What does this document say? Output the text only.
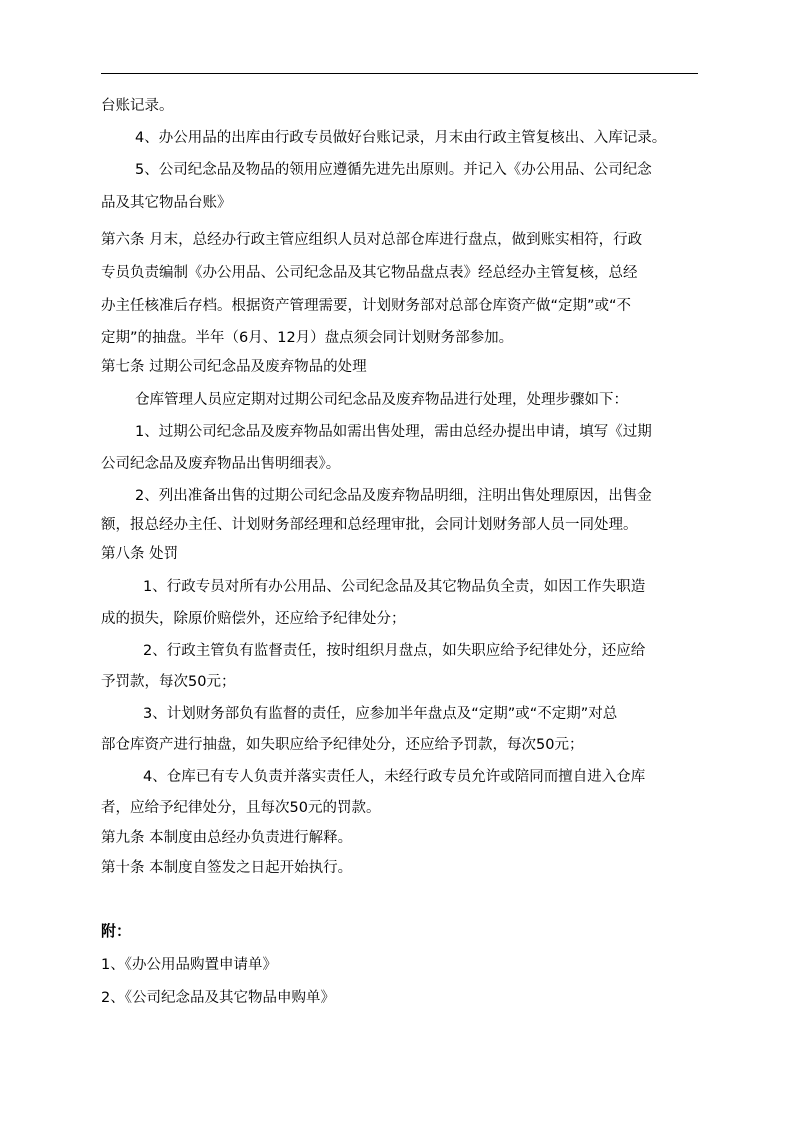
台账记录。
4、办公用品的出库由行政专员做好台账记录，月末由行政主管复核出、入库记录。
5、公司纪念品及物品的领用应遵循先进先出原则。并记入《办公用品、公司纪念
品及其它物品台账》
第六条 月末，总经办行政主管应组织人员对总部仓库进行盘点，做到账实相符，行政
专员负责编制《办公用品、公司纪念品及其它物品盘点表》经总经办主管复核，总经
办主任核准后存档。根据资产管理需要，计划财务部对总部仓库资产做“定期”或“不
定期”的抽盘。半年（6月、12月）盘点须会同计划财务部参加。
第七条 过期公司纪念品及废弃物品的处理
仓库管理人员应定期对过期公司纪念品及废弃物品进行处理，处理步骤如下：
1、过期公司纪念品及废弃物品如需出售处理，需由总经办提出申请，填写《过期
公司纪念品及废弃物品出售明细表》。
2、列出准备出售的过期公司纪念品及废弃物品明细，注明出售处理原因，出售金
额，报总经办主任、计划财务部经理和总经理审批，会同计划财务部人员一同处理。
第八条 处罚
1、行政专员对所有办公用品、公司纪念品及其它物品负全责，如因工作失职造
成的损失，除原价赔偿外，还应给予纪律处分；
2、行政主管负有监督责任，按时组织月盘点，如失职应给予纪律处分，还应给
予罚款，每次50元；
3、计划财务部负有监督的责任，应参加半年盘点及“定期”或“不定期”对总
部仓库资产进行抽盘，如失职应给予纪律处分，还应给予罚款，每次50元；
4、仓库已有专人负责并落实责任人，未经行政专员允许或陪同而擅自进入仓库
者，应给予纪律处分，且每次50元的罚款。
第九条 本制度由总经办负责进行解释。
第十条 本制度自签发之日起开始执行。
附：
1、《办公用品购置申请单》
2、《公司纪念品及其它物品申购单》
